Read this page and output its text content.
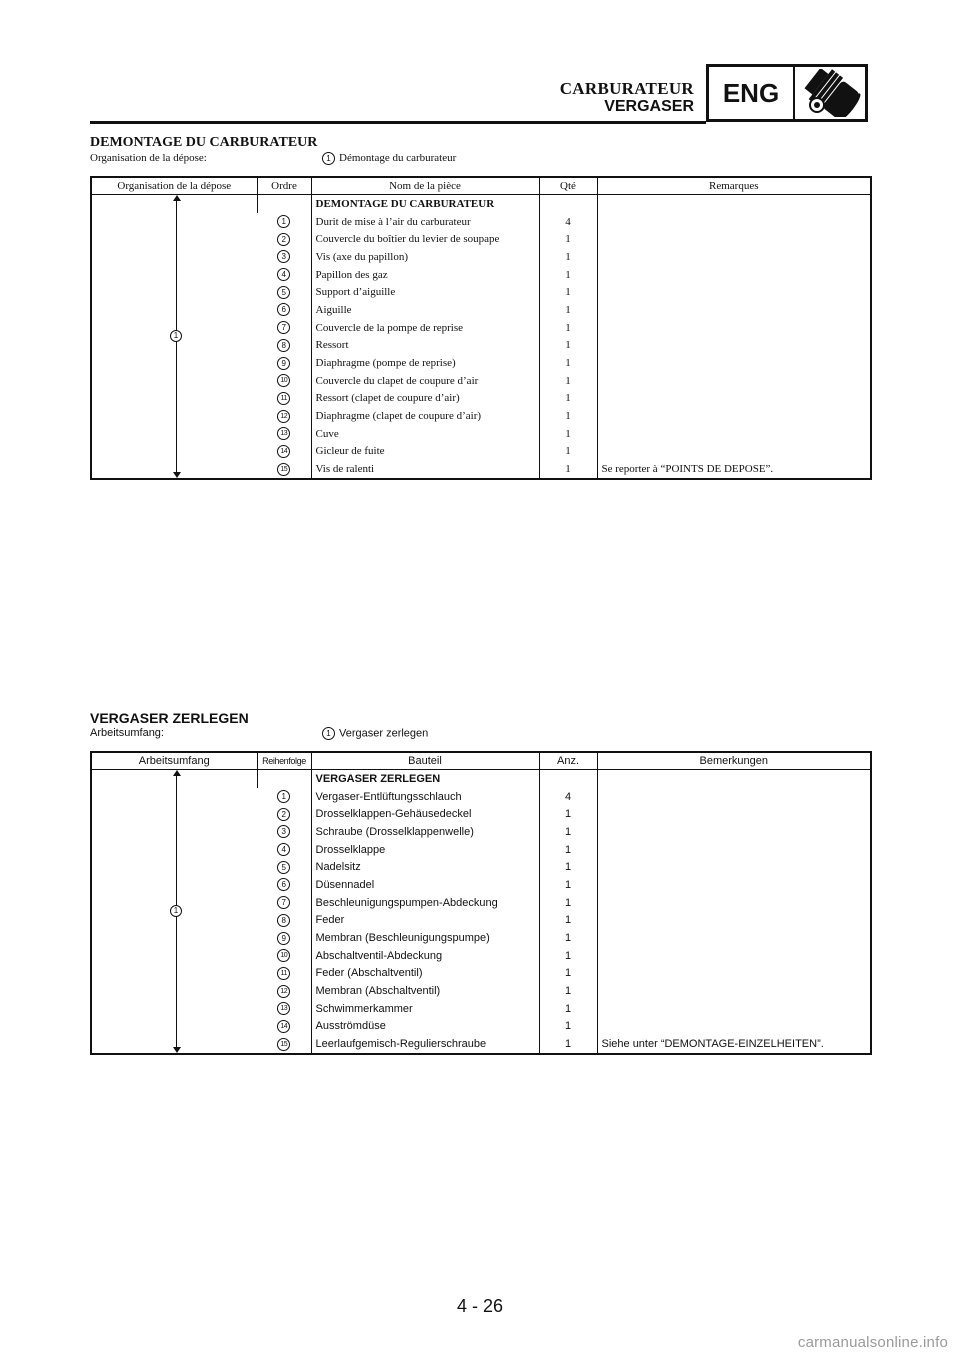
CARBURATEUR
VERGASER	ENG
DEMONTAGE DU CARBURATEUR
Organisation de la dépose:	1 Démontage du carburateur
Organisation de la dépose	Ordre	Nom de la pièce	Qté	Remarques

1		DEMONTAGE DU CARBURATEUR		
	1	Durit de mise à l’air du carburateur	4	
	2	Couvercle du boîtier du levier de soupape	1	
	3	Vis (axe du papillon)	1	
	4	Papillon des gaz	1	
	5	Support d’aiguille	1	
	6	Aiguille	1	
	7	Couvercle de la pompe de reprise	1	
	8	Ressort	1	
	9	Diaphragme (pompe de reprise)	1	
	10	Couvercle du clapet de coupure d’air	1	
	11	Ressort (clapet de coupure d’air)	1	
	12	Diaphragme (clapet de coupure d’air)	1	
	13	Cuve	1	
	14	Gicleur de fuite	1	
	15	Vis de ralenti	1	Se reporter à “POINTS DE DEPOSE”.
VERGASER ZERLEGEN
Arbeitsumfang:	1 Vergaser zerlegen
Arbeitsumfang	Reihenfolge	Bauteil	Anz.	Bemerkungen

1		VERGASER ZERLEGEN		
	1	Vergaser-Entlüftungsschlauch	4	
	2	Drosselklappen-Gehäusedeckel	1	
	3	Schraube (Drosselklappenwelle)	1	
	4	Drosselklappe	1	
	5	Nadelsitz	1	
	6	Düsennadel	1	
	7	Beschleunigungspumpen-Abdeckung	1	
	8	Feder	1	
	9	Membran (Beschleunigungspumpe)	1	
	10	Abschaltventil-Abdeckung	1	
	11	Feder (Abschaltventil)	1	
	12	Membran (Abschaltventil)	1	
	13	Schwimmerkammer	1	
	14	Ausströmdüse	1	
	15	Leerlaufgemisch-Regulierschraube	1	Siehe unter “DEMONTAGE-EINZELHEITEN”.
4 - 26
carmanualsonline.info
